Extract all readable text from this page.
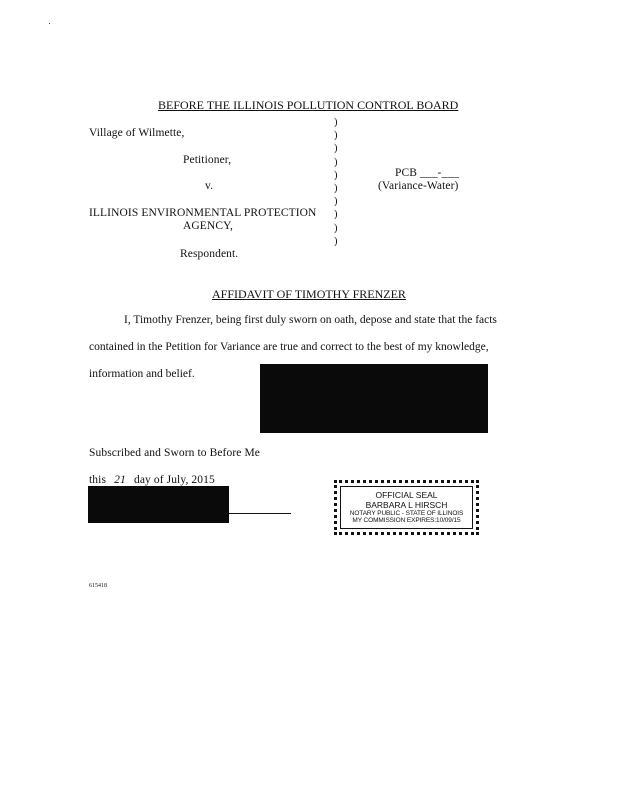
BEFORE THE ILLINOIS POLLUTION CONTROL BOARD
Village of Wilmette,
Petitioner,
v.
ILLINOIS ENVIRONMENTAL PROTECTION
AGENCY,
Respondent.
)
)
)
)
)
)
)
)
)
)
PCB ___-___
(Variance-Water)
AFFIDAVIT OF TIMOTHY FRENZER
I, Timothy Frenzer, being first duly sworn on oath, depose and state that the facts
contained in the Petition for Variance are true and correct to the best of my knowledge,
information and belief.
Subscribed and Sworn to Before Me
this 21 day of July, 2015
OFFICIAL SEAL
BARBARA L HIRSCH
NOTARY PUBLIC - STATE OF ILLINOIS
MY COMMISSION EXPIRES:10/09/15
615418
